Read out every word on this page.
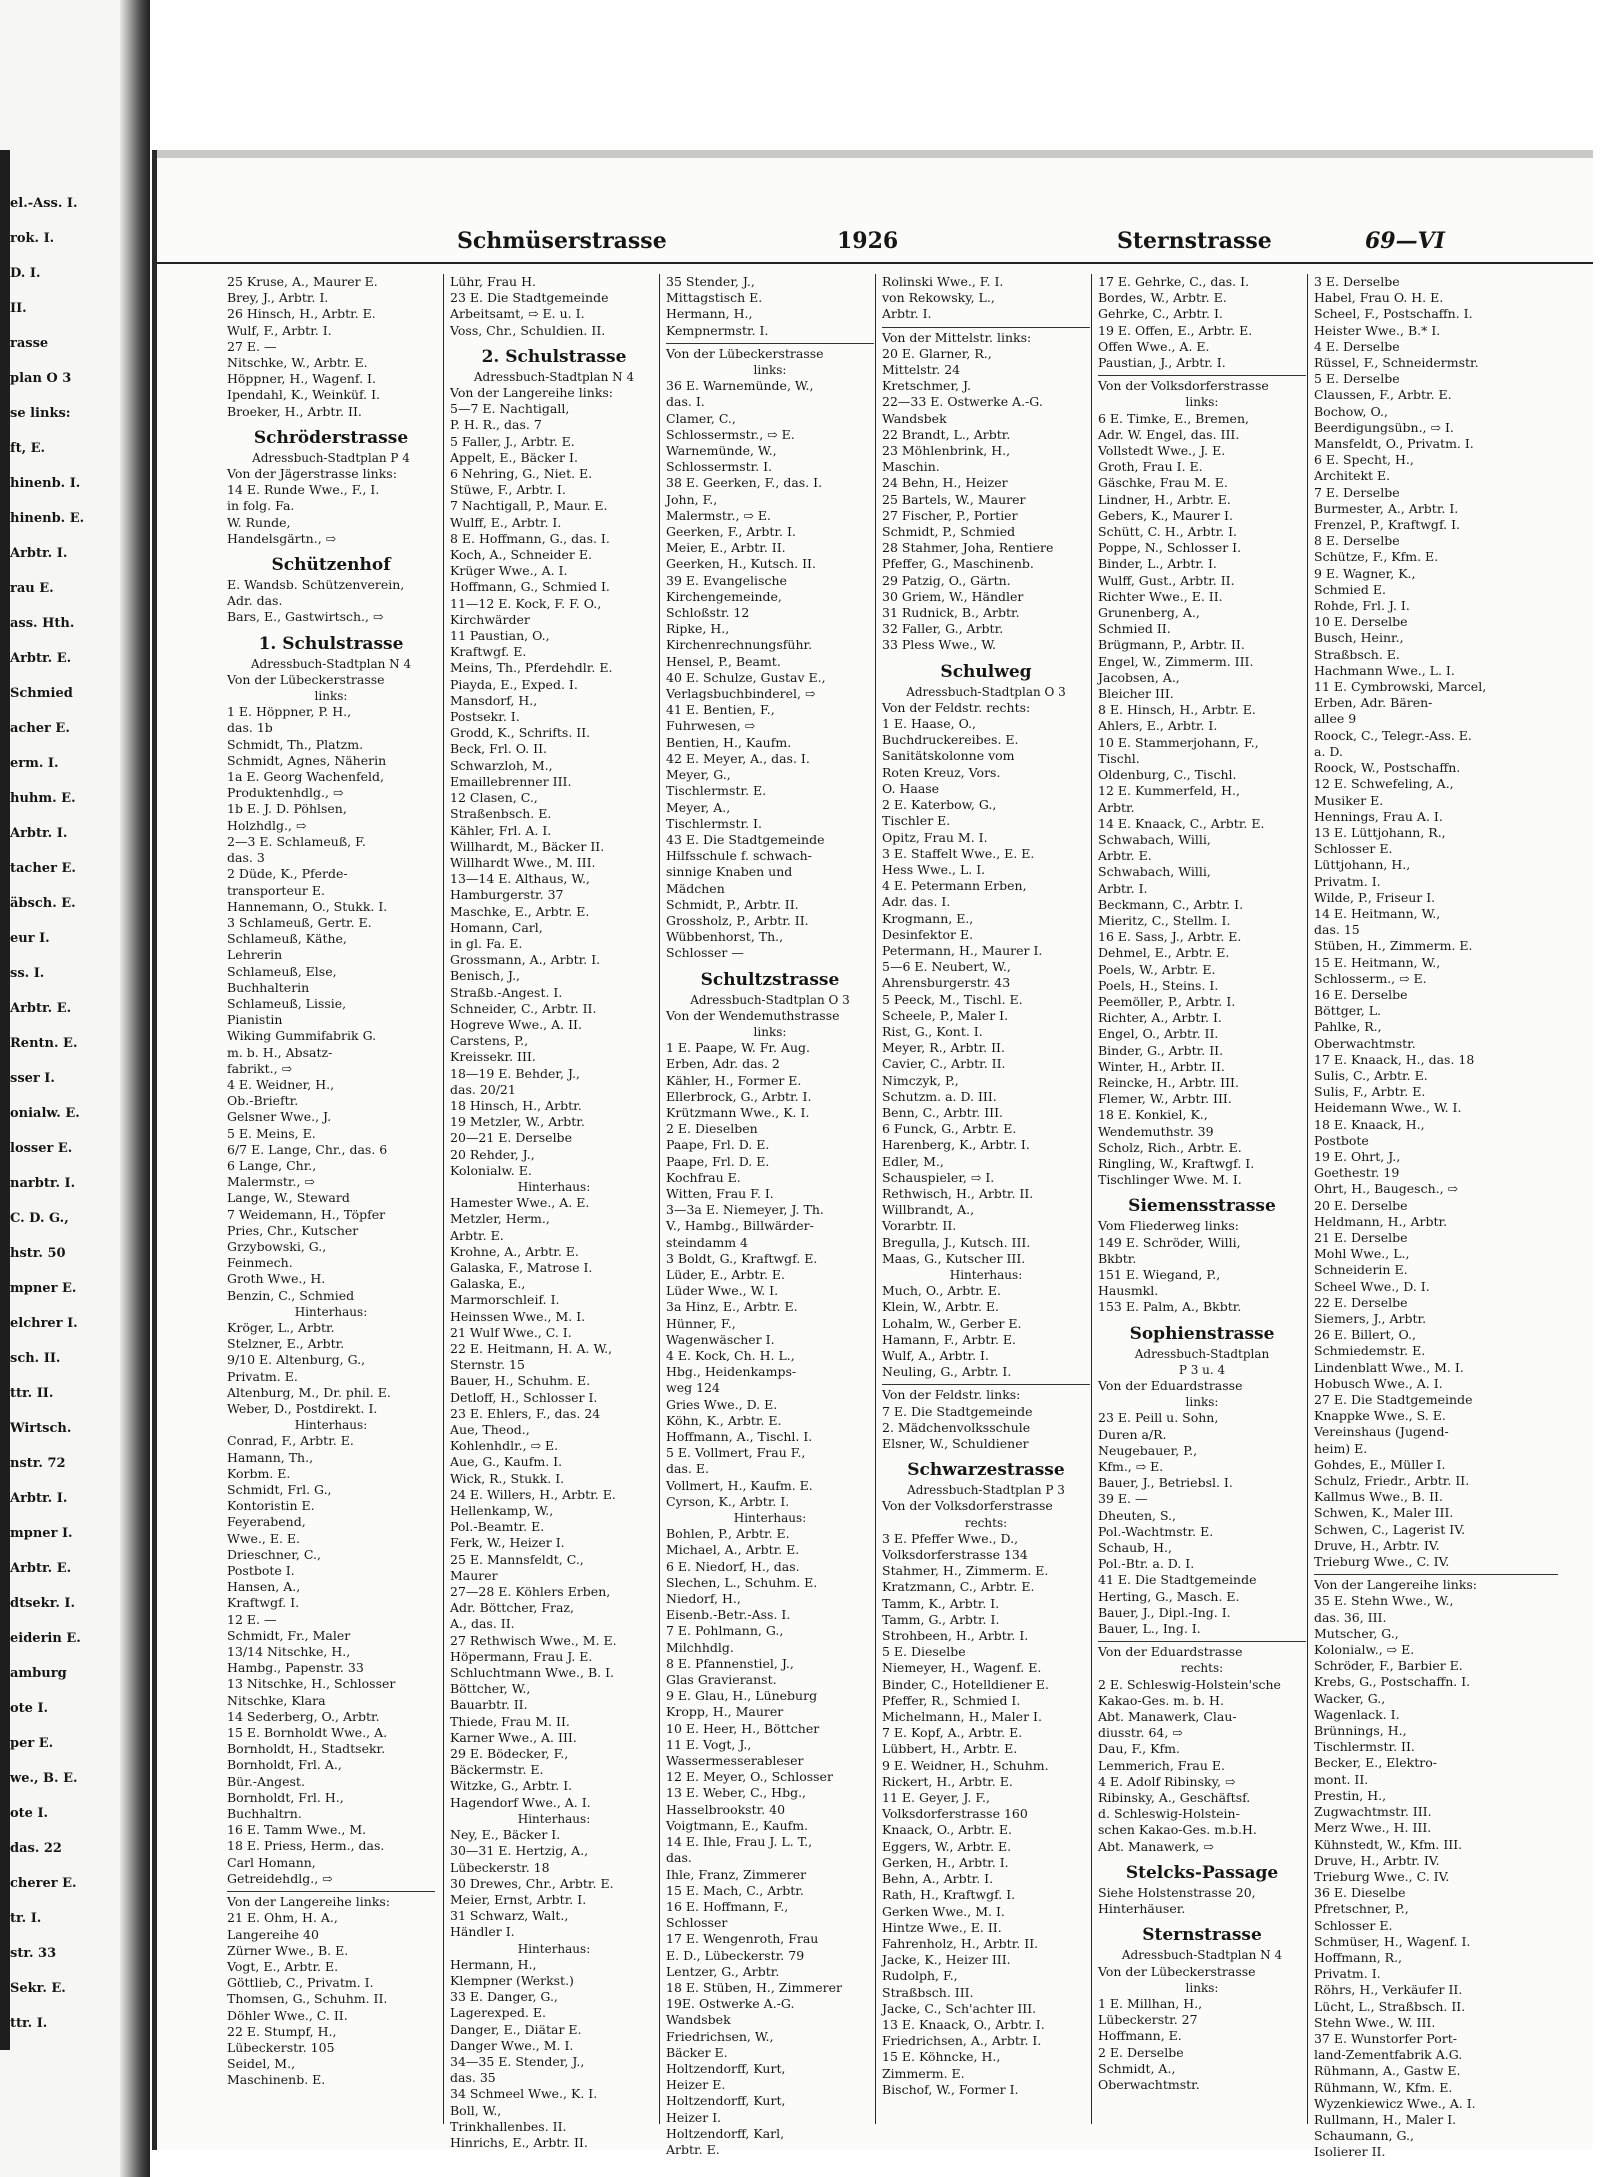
el.-Ass. I.
rok. I.
D. I.
II.
rasse
plan O 3
se links:
ft, E.
hinenb. I.
hinenb. E.
Arbtr. I.
rau E.
ass. Hth.
Arbtr. E.
Schmied
acher E.
erm. I.
huhm. E.
Arbtr. I.
tacher E.
äbsch. E.
eur I.
ss. I.
Arbtr. E.
Rentn. E.
sser I.
onialw. E.
losser E.
narbtr. I.
C. D. G.,
hstr. 50
mpner E.
elchrer I.
sch. II.
ttr. II.
Wirtsch.
nstr. 72
Arbtr. I.
mpner I.
Arbtr. E.
dtsekr. I.
eiderin E.
amburg
ote I.
per E.
we., B. E.
ote I.
das. 22
cherer E.
tr. I.
str. 33
Sekr. E.
ttr. I.
Schmüserstrasse	1926	Sternstrasse	69—VI
25 Kruse, A., Maurer E.
Brey, J., Arbtr. I.
26 Hinsch, H., Arbtr. E.
Wulf, F., Arbtr. I.
27 E. —
Nitschke, W., Arbtr. E.
Höppner, H., Wagenf. I.
Ipendahl, K., Weinküf. I.
Broeker, H., Arbtr. II.
Schröderstrasse
Adressbuch-Stadtplan P 4
Von der Jägerstrasse links:
14 E. Runde Wwe., F., I.
in folg. Fa.
W. Runde,
Handelsgärtn., ⇨
Schützenhof
E. Wandsb. Schützenverein,
Adr. das.
Bars, E., Gastwirtsch., ⇨
1. Schulstrasse
Adressbuch-Stadtplan N 4
Von der Lübeckerstrasse
links:
1 E. Höppner, P. H.,
das. 1b
Schmidt, Th., Platzm.
Schmidt, Agnes, Näherin
1a E. Georg Wachenfeld,
Produktenhdlg., ⇨
1b E. J. D. Pöhlsen,
Holzhdlg., ⇨
2—3 E. Schlameuß, F.
das. 3
2 Düde, K., Pferde-
transporteur E.
Hannemann, O., Stukk. I.
3 Schlameuß, Gertr. E.
Schlameuß, Käthe,
Lehrerin
Schlameuß, Else,
Buchhalterin
Schlameuß, Lissie,
Pianistin
Wiking Gummifabrik G.
m. b. H., Absatz-
fabrikt., ⇨
4 E. Weidner, H.,
Ob.-Brieftr.
Gelsner Wwe., J.
5 E. Meins, E.
6/7 E. Lange, Chr., das. 6
6 Lange, Chr.,
Malermstr., ⇨
Lange, W., Steward
7 Weidemann, H., Töpfer
Pries, Chr., Kutscher
Grzybowski, G.,
Feinmech.
Groth Wwe., H.
Benzin, C., Schmied
Hinterhaus:
Kröger, L., Arbtr.
Stelzner, E., Arbtr.
9/10 E. Altenburg, G.,
Privatm. E.
Altenburg, M., Dr. phil. E.
Weber, D., Postdirekt. I.
Hinterhaus:
Conrad, F., Arbtr. E.
Hamann, Th.,
Korbm. E.
Schmidt, Frl. G.,
Kontoristin E.
Feyerabend,
Wwe., E. E.
Drieschner, C.,
Postbote I.
Hansen, A.,
Kraftwgf. I.
12 E. —
Schmidt, Fr., Maler
13/14 Nitschke, H.,
Hambg., Papenstr. 33
13 Nitschke, H., Schlosser
Nitschke, Klara
14 Sederberg, O., Arbtr.
15 E. Bornholdt Wwe., A.
Bornholdt, H., Stadtsekr.
Bornholdt, Frl. A.,
Bür.-Angest.
Bornholdt, Frl. H.,
Buchhaltrn.
16 E. Tamm Wwe., M.
18 E. Priess, Herm., das.
Carl Homann,
Getreidehdlg., ⇨
Von der Langereihe links:
21 E. Ohm, H. A.,
Langereihe 40
Zürner Wwe., B. E.
Vogt, E., Arbtr. E.
Göttlieb, C., Privatm. I.
Thomsen, G., Schuhm. II.
Döhler Wwe., C. II.
22 E. Stumpf, H.,
Lübeckerstr. 105
Seidel, M.,
Maschinenb. E.
Lühr, Frau H.
23 E. Die Stadtgemeinde
Arbeitsamt, ⇨ E. u. I.
Voss, Chr., Schuldien. II.
2. Schulstrasse
Adressbuch-Stadtplan N 4
Von der Langereihe links:
5—7 E. Nachtigall,
P. H. R., das. 7
5 Faller, J., Arbtr. E.
Appelt, E., Bäcker I.
6 Nehring, G., Niet. E.
Stüwe, F., Arbtr. I.
7 Nachtigall, P., Maur. E.
Wulff, E., Arbtr. I.
8 E. Hoffmann, G., das. I.
Koch, A., Schneider E.
Krüger Wwe., A. I.
Hoffmann, G., Schmied I.
11—12 E. Kock, F. F. O.,
Kirchwärder
11 Paustian, O.,
Kraftwgf. E.
Meins, Th., Pferdehdlr. E.
Piayda, E., Exped. I.
Mansdorf, H.,
Postsekr. I.
Grodd, K., Schrifts. II.
Beck, Frl. O. II.
Schwarzloh, M.,
Emaillebrenner III.
12 Clasen, C.,
Straßenbsch. E.
Kähler, Frl. A. I.
Willhardt, M., Bäcker II.
Willhardt Wwe., M. III.
13—14 E. Althaus, W.,
Hamburgerstr. 37
Maschke, E., Arbtr. E.
Homann, Carl,
in gl. Fa. E.
Grossmann, A., Arbtr. I.
Benisch, J.,
Straßb.-Angest. I.
Schneider, C., Arbtr. II.
Hogreve Wwe., A. II.
Carstens, P.,
Kreissekr. III.
18—19 E. Behder, J.,
das. 20/21
18 Hinsch, H., Arbtr.
19 Metzler, W., Arbtr.
20—21 E. Derselbe
20 Rehder, J.,
Kolonialw. E.
Hinterhaus:
Hamester Wwe., A. E.
Metzler, Herm.,
Arbtr. E.
Krohne, A., Arbtr. E.
Galaska, F., Matrose I.
Galaska, E.,
Marmorschleif. I.
Heinssen Wwe., M. I.
21 Wulf Wwe., C. I.
22 E. Heitmann, H. A. W.,
Sternstr. 15
Bauer, H., Schuhm. E.
Detloff, H., Schlosser I.
23 E. Ehlers, F., das. 24
Aue, Theod.,
Kohlenhdlr., ⇨ E.
Aue, G., Kaufm. I.
Wick, R., Stukk. I.
24 E. Willers, H., Arbtr. E.
Hellenkamp, W.,
Pol.-Beamtr. E.
Ferk, W., Heizer I.
25 E. Mannsfeldt, C.,
Maurer
27—28 E. Köhlers Erben,
Adr. Böttcher, Fraz,
A., das. II.
27 Rethwisch Wwe., M. E.
Höpermann, Frau J. E.
Schluchtmann Wwe., B. I.
Böttcher, W.,
Bauarbtr. II.
Thiede, Frau M. II.
Karner Wwe., A. III.
29 E. Bödecker, F.,
Bäckermstr. E.
Witzke, G., Arbtr. I.
Hagendorf Wwe., A. I.
Hinterhaus:
Ney, E., Bäcker I.
30—31 E. Hertzig, A.,
Lübeckerstr. 18
30 Drewes, Chr., Arbtr. E.
Meier, Ernst, Arbtr. I.
31 Schwarz, Walt.,
Händler I.
Hinterhaus:
Hermann, H.,
Klempner (Werkst.)
33 E. Danger, G.,
Lagerexped. E.
Danger, E., Diätar E.
Danger Wwe., M. I.
34—35 E. Stender, J.,
das. 35
34 Schmeel Wwe., K. I.
Boll, W.,
Trinkhallenbes. II.
Hinrichs, E., Arbtr. II.
35 Stender, J.,
Mittagstisch E.
Hermann, H.,
Kempnermstr. I.
Von der Lübeckerstrasse
links:
36 E. Warnemünde, W.,
das. I.
Clamer, C.,
Schlossermstr., ⇨ E.
Warnemünde, W.,
Schlossermstr. I.
38 E. Geerken, F., das. I.
John, F.,
Malermstr., ⇨ E.
Geerken, F., Arbtr. I.
Meier, E., Arbtr. II.
Geerken, H., Kutsch. II.
39 E. Evangelische
Kirchengemeinde,
Schloßstr. 12
Ripke, H.,
Kirchenrechnungsführ.
Hensel, P., Beamt.
40 E. Schulze, Gustav E.,
Verlagsbuchbinderel, ⇨
41 E. Bentien, F.,
Fuhrwesen, ⇨
Bentien, H., Kaufm.
42 E. Meyer, A., das. I.
Meyer, G.,
Tischlermstr. E.
Meyer, A.,
Tischlermstr. I.
43 E. Die Stadtgemeinde
Hilfsschule f. schwach-
sinnige Knaben und
Mädchen
Schmidt, P., Arbtr. II.
Grossholz, P., Arbtr. II.
Wübbenhorst, Th.,
Schlosser —
Schultzstrasse
Adressbuch-Stadtplan O 3
Von der Wendemuthstrasse
links:
1 E. Paape, W. Fr. Aug.
Erben, Adr. das. 2
Kähler, H., Former E.
Ellerbrock, G., Arbtr. I.
Krützmann Wwe., K. I.
2 E. Dieselben
Paape, Frl. D. E.
Paape, Frl. D. E.
Kochfrau E.
Witten, Frau F. I.
3—3a E. Niemeyer, J. Th.
V., Hambg., Billwärder-
steindamm 4
3 Boldt, G., Kraftwgf. E.
Lüder, E., Arbtr. E.
Lüder Wwe., W. I.
3a Hinz, E., Arbtr. E.
Hünner, F.,
Wagenwäscher I.
4 E. Kock, Ch. H. L.,
Hbg., Heidenkamps-
weg 124
Gries Wwe., D. E.
Köhn, K., Arbtr. E.
Hoffmann, A., Tischl. I.
5 E. Vollmert, Frau F.,
das. E.
Vollmert, H., Kaufm. E.
Cyrson, K., Arbtr. I.
Hinterhaus:
Bohlen, P., Arbtr. E.
Michael, A., Arbtr. E.
6 E. Niedorf, H., das.
Slechen, L., Schuhm. E.
Niedorf, H.,
Eisenb.-Betr.-Ass. I.
7 E. Pohlmann, G.,
Milchhdlg.
8 E. Pfannenstiel, J.,
Glas Gravieranst.
9 E. Glau, H., Lüneburg
Kropp, H., Maurer
10 E. Heer, H., Böttcher
11 E. Vogt, J.,
Wassermesserableser
12 E. Meyer, O., Schlosser
13 E. Weber, C., Hbg.,
Hasselbrookstr. 40
Voigtmann, E., Kaufm.
14 E. Ihle, Frau J. L. T.,
das.
Ihle, Franz, Zimmerer
15 E. Mach, C., Arbtr.
16 E. Hoffmann, F.,
Schlosser
17 E. Wengenroth, Frau
E. D., Lübeckerstr. 79
Lentzer, G., Arbtr.
18 E. Stüben, H., Zimmerer
19E. Ostwerke A.-G.
Wandsbek
Friedrichsen, W.,
Bäcker E.
Holtzendorff, Kurt,
Heizer E.
Holtzendorff, Kurt,
Heizer I.
Holtzendorff, Karl,
Arbtr. E.
Rolinski Wwe., F. I.
von Rekowsky, L.,
Arbtr. I.
Von der Mittelstr. links:
20 E. Glarner, R.,
Mittelstr. 24
Kretschmer, J.
22—33 E. Ostwerke A.-G.
Wandsbek
22 Brandt, L., Arbtr.
23 Möhlenbrink, H.,
Maschin.
24 Behn, H., Heizer
25 Bartels, W., Maurer
27 Fischer, P., Portier
Schmidt, P., Schmied
28 Stahmer, Joha, Rentiere
Pfeffer, G., Maschinenb.
29 Patzig, O., Gärtn.
30 Griem, W., Händler
31 Rudnick, B., Arbtr.
32 Faller, G., Arbtr.
33 Pless Wwe., W.
Schulweg
Adressbuch-Stadtplan O 3
Von der Feldstr. rechts:
1 E. Haase, O.,
Buchdruckereibes. E.
Sanitätskolonne vom
Roten Kreuz, Vors.
O. Haase
2 E. Katerbow, G.,
Tischler E.
Opitz, Frau M. I.
3 E. Staffelt Wwe., E. E.
Hess Wwe., L. I.
4 E. Petermann Erben,
Adr. das. I.
Krogmann, E.,
Desinfektor E.
Petermann, H., Maurer I.
5—6 E. Neubert, W.,
Ahrensburgerstr. 43
5 Peeck, M., Tischl. E.
Scheele, P., Maler I.
Rist, G., Kont. I.
Meyer, R., Arbtr. II.
Cavier, C., Arbtr. II.
Nimczyk, P.,
Schutzm. a. D. III.
Benn, C., Arbtr. III.
6 Funck, G., Arbtr. E.
Harenberg, K., Arbtr. I.
Edler, M.,
Schauspieler, ⇨ I.
Rethwisch, H., Arbtr. II.
Willbrandt, A.,
Vorarbtr. II.
Bregulla, J., Kutsch. III.
Maas, G., Kutscher III.
Hinterhaus:
Much, O., Arbtr. E.
Klein, W., Arbtr. E.
Lohalm, W., Gerber E.
Hamann, F., Arbtr. E.
Wulf, A., Arbtr. I.
Neuling, G., Arbtr. I.
Von der Feldstr. links:
7 E. Die Stadtgemeinde
2. Mädchenvolksschule
Elsner, W., Schuldiener
Schwarzestrasse
Adressbuch-Stadtplan P 3
Von der Volksdorferstrasse
rechts:
3 E. Pfeffer Wwe., D.,
Volksdorferstrasse 134
Stahmer, H., Zimmerm. E.
Kratzmann, C., Arbtr. E.
Tamm, K., Arbtr. I.
Tamm, G., Arbtr. I.
Strohbeen, H., Arbtr. I.
5 E. Dieselbe
Niemeyer, H., Wagenf. E.
Binder, C., Hotelldiener E.
Pfeffer, R., Schmied I.
Michelmann, H., Maler I.
7 E. Kopf, A., Arbtr. E.
Lübbert, H., Arbtr. E.
9 E. Weidner, H., Schuhm.
Rickert, H., Arbtr. E.
11 E. Geyer, J. F.,
Volksdorferstrasse 160
Knaack, O., Arbtr. E.
Eggers, W., Arbtr. E.
Gerken, H., Arbtr. I.
Behn, A., Arbtr. I.
Rath, H., Kraftwgf. I.
Gerken Wwe., M. I.
Hintze Wwe., E. II.
Fahrenholz, H., Arbtr. II.
Jacke, K., Heizer III.
Rudolph, F.,
Straßbsch. III.
Jacke, C., Sch'achter III.
13 E. Knaack, O., Arbtr. I.
Friedrichsen, A., Arbtr. I.
15 E. Köhncke, H.,
Zimmerm. E.
Bischof, W., Former I.
17 E. Gehrke, C., das. I.
Bordes, W., Arbtr. E.
Gehrke, C., Arbtr. I.
19 E. Offen, E., Arbtr. E.
Offen Wwe., A. E.
Paustian, J., Arbtr. I.
Von der Volksdorferstrasse
links:
6 E. Timke, E., Bremen,
Adr. W. Engel, das. III.
Vollstedt Wwe., J. E.
Groth, Frau I. E.
Gäschke, Frau M. E.
Lindner, H., Arbtr. E.
Gebers, K., Maurer I.
Schütt, C. H., Arbtr. I.
Poppe, N., Schlosser I.
Binder, L., Arbtr. I.
Wulff, Gust., Arbtr. II.
Richter Wwe., E. II.
Grunenberg, A.,
Schmied II.
Brügmann, P., Arbtr. II.
Engel, W., Zimmerm. III.
Jacobsen, A.,
Bleicher III.
8 E. Hinsch, H., Arbtr. E.
Ahlers, E., Arbtr. I.
10 E. Stammerjohann, F.,
Tischl.
Oldenburg, C., Tischl.
12 E. Kummerfeld, H.,
Arbtr.
14 E. Knaack, C., Arbtr. E.
Schwabach, Willi,
Arbtr. E.
Schwabach, Willi,
Arbtr. I.
Beckmann, C., Arbtr. I.
Mieritz, C., Stellm. I.
16 E. Sass, J., Arbtr. E.
Dehmel, E., Arbtr. E.
Poels, W., Arbtr. E.
Poels, H., Steins. I.
Peemöller, P., Arbtr. I.
Richter, A., Arbtr. I.
Engel, O., Arbtr. II.
Binder, G., Arbtr. II.
Winter, H., Arbtr. II.
Reincke, H., Arbtr. III.
Flemer, W., Arbtr. III.
18 E. Konkiel, K.,
Wendemuthstr. 39
Scholz, Rich., Arbtr. E.
Ringling, W., Kraftwgf. I.
Tischlinger Wwe. M. I.
Siemensstrasse
Vom Fliederweg links:
149 E. Schröder, Willi,
Bkbtr.
151 E. Wiegand, P.,
Hausmkl.
153 E. Palm, A., Bkbtr.
Sophienstrasse
Adressbuch-Stadtplan
P 3 u. 4
Von der Eduardstrasse
links:
23 E. Peill u. Sohn,
Duren a/R.
Neugebauer, P.,
Kfm., ⇨ E.
Bauer, J., Betriebsl. I.
39 E. —
Dheuten, S.,
Pol.-Wachtmstr. E.
Schaub, H.,
Pol.-Btr. a. D. I.
41 E. Die Stadtgemeinde
Herting, G., Masch. E.
Bauer, J., Dipl.-Ing. I.
Bauer, L., Ing. I.
Von der Eduardstrasse
rechts:
2 E. Schleswig-Holstein'sche
Kakao-Ges. m. b. H.
Abt. Manawerk, Clau-
diusstr. 64, ⇨
Dau, F., Kfm.
Lemmerich, Frau E.
4 E. Adolf Ribinsky, ⇨
Ribinsky, A., Geschäftsf.
d. Schleswig-Holstein-
schen Kakao-Ges. m.b.H.
Abt. Manawerk, ⇨
Stelcks-Passage
Siehe Holstenstrasse 20,
Hinterhäuser.
Sternstrasse
Adressbuch-Stadtplan N 4
Von der Lübeckerstrasse
links:
1 E. Millhan, H.,
Lübeckerstr. 27
Hoffmann, E.
2 E. Derselbe
Schmidt, A.,
Oberwachtmstr.
3 E. Derselbe
Habel, Frau O. H. E.
Scheel, F., Postschaffn. I.
Heister Wwe., B.* I.
4 E. Derselbe
Rüssel, F., Schneidermstr.
5 E. Derselbe
Claussen, F., Arbtr. E.
Bochow, O.,
Beerdigungsübn., ⇨ I.
Mansfeldt, O., Privatm. I.
6 E. Specht, H.,
Architekt E.
7 E. Derselbe
Burmester, A., Arbtr. I.
Frenzel, P., Kraftwgf. I.
8 E. Derselbe
Schütze, F., Kfm. E.
9 E. Wagner, K.,
Schmied E.
Rohde, Frl. J. I.
10 E. Derselbe
Busch, Heinr.,
Straßbsch. E.
Hachmann Wwe., L. I.
11 E. Cymbrowski, Marcel,
Erben, Adr. Bären-
allee 9
Roock, C., Telegr.-Ass. E.
a. D.
Roock, W., Postschaffn.
12 E. Schwefeling, A.,
Musiker E.
Hennings, Frau A. I.
13 E. Lüttjohann, R.,
Schlosser E.
Lüttjohann, H.,
Privatm. I.
Wilde, P., Friseur I.
14 E. Heitmann, W.,
das. 15
Stüben, H., Zimmerm. E.
15 E. Heitmann, W.,
Schlosserm., ⇨ E.
16 E. Derselbe
Böttger, L.
Pahlke, R.,
Oberwachtmstr.
17 E. Knaack, H., das. 18
Sulis, C., Arbtr. E.
Sulis, F., Arbtr. E.
Heidemann Wwe., W. I.
18 E. Knaack, H.,
Postbote
19 E. Ohrt, J.,
Goethestr. 19
Ohrt, H., Baugesch., ⇨
20 E. Derselbe
Heldmann, H., Arbtr.
21 E. Derselbe
Mohl Wwe., L.,
Schneiderin E.
Scheel Wwe., D. I.
22 E. Derselbe
Siemers, J., Arbtr.
26 E. Billert, O.,
Schmiedemstr. E.
Lindenblatt Wwe., M. I.
Hobusch Wwe., A. I.
27 E. Die Stadtgemeinde
Knappke Wwe., S. E.
Vereinshaus (Jugend-
heim) E.
Gohdes, E., Müller I.
Schulz, Friedr., Arbtr. II.
Kallmus Wwe., B. II.
Schwen, K., Maler III.
Schwen, C., Lagerist IV.
Druve, H., Arbtr. IV.
Trieburg Wwe., C. IV.
Von der Langereihe links:
35 E. Stehn Wwe., W.,
das. 36, III.
Mutscher, G.,
Kolonialw., ⇨ E.
Schröder, F., Barbier E.
Krebs, G., Postschaffn. I.
Wacker, G.,
Wagenlack. I.
Brünnings, H.,
Tischlermstr. II.
Becker, E., Elektro-
mont. II.
Prestin, H.,
Zugwachtmstr. III.
Merz Wwe., H. III.
Kühnstedt, W., Kfm. III.
Druve, H., Arbtr. IV.
Trieburg Wwe., C. IV.
36 E. Dieselbe
Pfretschner, P.,
Schlosser E.
Schmüser, H., Wagenf. I.
Hoffmann, R.,
Privatm. I.
Röhrs, H., Verkäufer II.
Lücht, L., Straßbsch. II.
Stehn Wwe., W. III.
37 E. Wunstorfer Port-
land-Zementfabrik A.G.
Rühmann, A., Gastw E.
Rühmann, W., Kfm. E.
Wyzenkiewicz Wwe., A. I.
Rullmann, H., Maler I.
Schaumann, G.,
Isolierer II.
